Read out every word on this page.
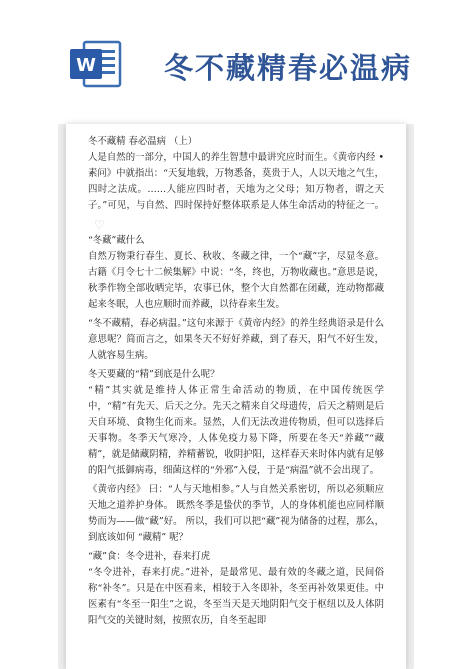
W 冬不藏精春必温病

冬不藏精 春必温病 （上）

人是自然的一部分，中国人的养生智慧中最讲究应时而生。《黄帝内经 • 素问》中就指出：“天复地载，万物悉备，莫贵于人，人以天地之气生，四时之法成。……人能应四时者，天地为之父母；知万物者，谓之天子。”可见，与自然、四时保持好整体联系是人体生命活动的特征之一。♡

“冬藏”藏什么

自然万物秉行春生、夏长、秋收、冬藏之律，一个“藏”字，尽显冬意。古籍《月令七十二候集解》中说：“冬，终也，万物收藏也。”意思是说，秋季作物全部收晒完毕，农事已休，整个大自然都在闭藏，连动物都藏起来冬眠，人也应顺时而养藏，以待春来生发。

“冬不藏精，春必病温。”这句来源于《黄帝内经》的养生经典语录是什么意思呢？简而言之，如果冬天不好好养藏，到了春天，阳气不好生发，人就容易生病。

冬天要藏的“精”到底是什么呢？

“精”其实就是维持人体正常生命活动的物质，在中国传统医学中，“精”有先天、后天之分。先天之精来自父母遗传，后天之精则是后天自环境、食物生化而来。显然，人们无法改进传物质，但可以选择后天事物。冬季天气寒冷，人体免疫力易下降，所要在冬天“养藏”“藏精”，就是储藏阴精，养精蓄锐，收阴护阳，这样春天来时体内就有足够的阳气抵御病毒，细菌这样的“外邪”入侵，于是“病温”就不会出现了。

《黄帝内经》 曰：“人与天地相参。”人与自然关系密切，所以必须顺应天地之道养护身体。 既然冬季是蛰伏的季节，人的身体机能也应同样顺势而为——做“藏”好。 所以，我们可以把“藏”视为储备的过程，那么，到底该如何 “藏精” 呢？

“藏”食：冬令进补，春来打虎

“冬令进补，春来打虎。”进补，是最常见、最有效的冬藏之道，民间俗称“补冬”。只是在中医看来，相较于入冬即补，冬至再补效果更佳。中医素有“冬至一阳生”之说，冬至当天是天地阴阳气交于枢纽以及人体阴阳气交的关键时刻，按照农历，自冬至起即
